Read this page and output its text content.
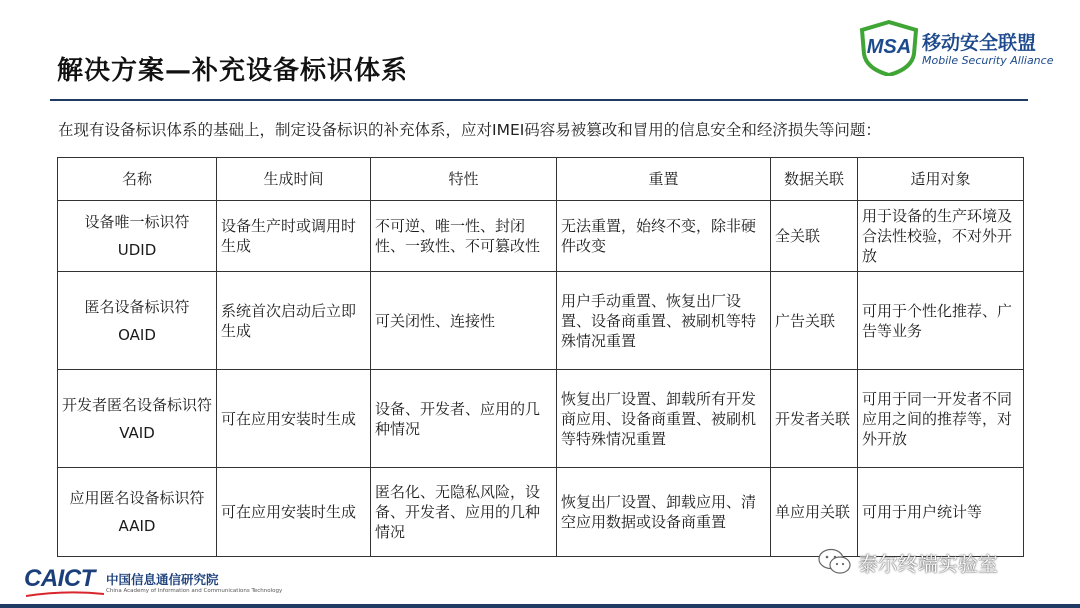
解决方案—补充设备标识体系
MSA 移动安全联盟
Mobile Security Alliance
在现有设备标识体系的基础上，制定设备标识的补充体系，应对IMEI码容易被篡改和冒用的信息安全和经济损失等问题：
名称	生成时间	特性	重置	数据关联	适用对象

设备唯一标识符
UDID	设备生产时或调用时生成	不可逆、唯一性、封闭性、一致性、不可篡改性	无法重置，始终不变，除非硬件改变	全关联	用于设备的生产环境及合法性校验，不对外开放

匿名设备标识符
OAID	系统首次启动后立即生成	可关闭性、连接性	用户手动重置、恢复出厂设置、设备商重置、被刷机等特殊情况重置	广告关联	可用于个性化推荐、广告等业务

开发者匿名设备标识符
VAID	可在应用安装时生成	设备、开发者、应用的几种情况	恢复出厂设置、卸载所有开发商应用、设备商重置、被刷机等特殊情况重置	开发者关联	可用于同一开发者不同应用之间的推荐等，对外开放

应用匿名设备标识符
AAID	可在应用安装时生成	匿名化、无隐私风险，设备、开发者、应用的几种情况	恢复出厂设置、卸载应用、清空应用数据或设备商重置	单应用关联	可用于用户统计等
CAICT 中国信息通信研究院
China Academy of Information and Communications Technology
泰尔终端实验室
